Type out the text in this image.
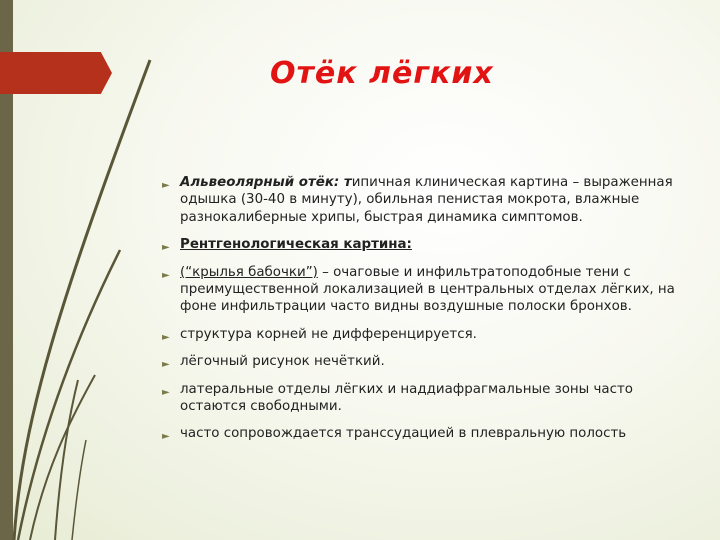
Отёк лёгких
► Альвеолярный отёк: типичная клиническая картина – выраженная одышка (30-40 в минуту), обильная пенистая мокрота, влажные разнокалиберные хрипы, быстрая динамика симптомов.
► Рентгенологическая картина:
► (“крылья бабочки”) – очаговые и инфильтратоподобные тени с преимущественной локализацией в центральных отделах лёгких, на фоне инфильтрации часто видны воздушные полоски бронхов.
► структура корней не дифференцируется.
► лёгочный рисунок нечёткий.
► латеральные отделы лёгких и наддиафрагмальные зоны часто остаются свободными.
► часто сопровождается транссудацией в плевральную полость
